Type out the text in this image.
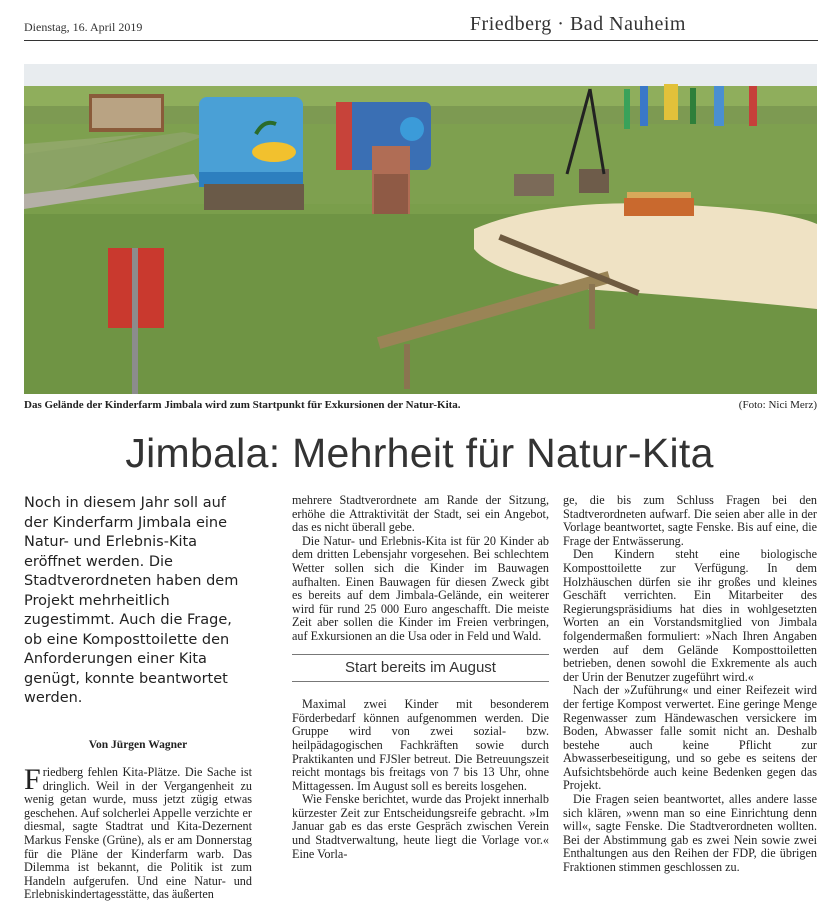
Dienstag, 16. April 2019	Friedberg · Bad Nauheim
Das Gelände der Kinderfarm Jimbala wird zum Startpunkt für Exkursionen der Natur-Kita.	(Foto: Nici Merz)
Jimbala: Mehrheit für Natur-Kita
Noch in diesem Jahr soll auf der Kinderfarm Jimbala eine Natur- und Erlebnis-Kita eröffnet werden. Die Stadtverordneten haben dem Projekt mehrheitlich zugestimmt. Auch die Frage, ob eine Komposttoilette den Anforderungen einer Kita genügt, konnte beantwortet werden.
Von Jürgen Wagner

Friedberg fehlen Kita-Plätze. Die Sache ist dringlich. Weil in der Vergangenheit zu wenig getan wurde, muss jetzt zügig etwas geschehen. Auf solcherlei Appelle verzichte er diesmal, sagte Stadtrat und Kita-Dezernent Markus Fenske (Grüne), als er am Donnerstag für die Pläne der Kinderfarm warb. Das Dilemma ist bekannt, die Politik ist zum Handeln aufgerufen. Und eine Natur- und Erlebniskindertagesstätte, das äußerten

mehrere Stadtverordnete am Rande der Sitzung, erhöhe die Attraktivität der Stadt, sei ein Angebot, das es nicht überall gebe.

Die Natur- und Erlebnis-Kita ist für 20 Kinder ab dem dritten Lebensjahr vorgesehen. Bei schlechtem Wetter sollen sich die Kinder im Bauwagen aufhalten. Einen Bauwagen für diesen Zweck gibt es bereits auf dem Jimbala-Gelände, ein weiterer wird für rund 25 000 Euro angeschafft. Die meiste Zeit aber sollen die Kinder im Freien verbringen, auf Exkursionen an die Usa oder in Feld und Wald.

Start bereits im August

Maximal zwei Kinder mit besonderem Förderbedarf können aufgenommen werden. Die Gruppe wird von zwei sozial- bzw. heilpädagogischen Fachkräften sowie durch Praktikanten und FJSler betreut. Die Betreuungszeit reicht montags bis freitags von 7 bis 13 Uhr, ohne Mittagessen. Im August soll es bereits losgehen.

Wie Fenske berichtet, wurde das Projekt innerhalb kürzester Zeit zur Entscheidungsreife gebracht. »Im Januar gab es das erste Gespräch zwischen Verein und Stadtverwaltung, heute liegt die Vorlage vor.« Eine Vorla-

ge, die bis zum Schluss Fragen bei den Stadtverordneten aufwarf. Die seien aber alle in der Vorlage beantwortet, sagte Fenske. Bis auf eine, die Frage der Entwässerung.

Den Kindern steht eine biologische Komposttoilette zur Verfügung. In dem Holzhäuschen dürfen sie ihr großes und kleines Geschäft verrichten. Ein Mitarbeiter des Regierungspräsidiums hat dies in wohlgesetzten Worten an ein Vorstandsmitglied von Jimbala folgendermaßen formuliert: »Nach Ihren Angaben werden auf dem Gelände Komposttoiletten betrieben, denen sowohl die Exkremente als auch der Urin der Benutzer zugeführt wird.«

Nach der »Zuführung« und einer Reifezeit wird der fertige Kompost verwertet. Eine geringe Menge Regenwasser zum Händewaschen versickere im Boden, Abwasser falle somit nicht an. Deshalb bestehe auch keine Pflicht zur Abwasserbeseitigung, und so gebe es seitens der Aufsichtsbehörde auch keine Bedenken gegen das Projekt.

Die Fragen seien beantwortet, alles andere lasse sich klären, »wenn man so eine Einrichtung denn will«, sagte Fenske. Die Stadtverordneten wollten. Bei der Abstimmung gab es zwei Nein sowie zwei Enthaltungen aus den Reihen der FDP, die übrigen Fraktionen stimmen geschlossen zu.
